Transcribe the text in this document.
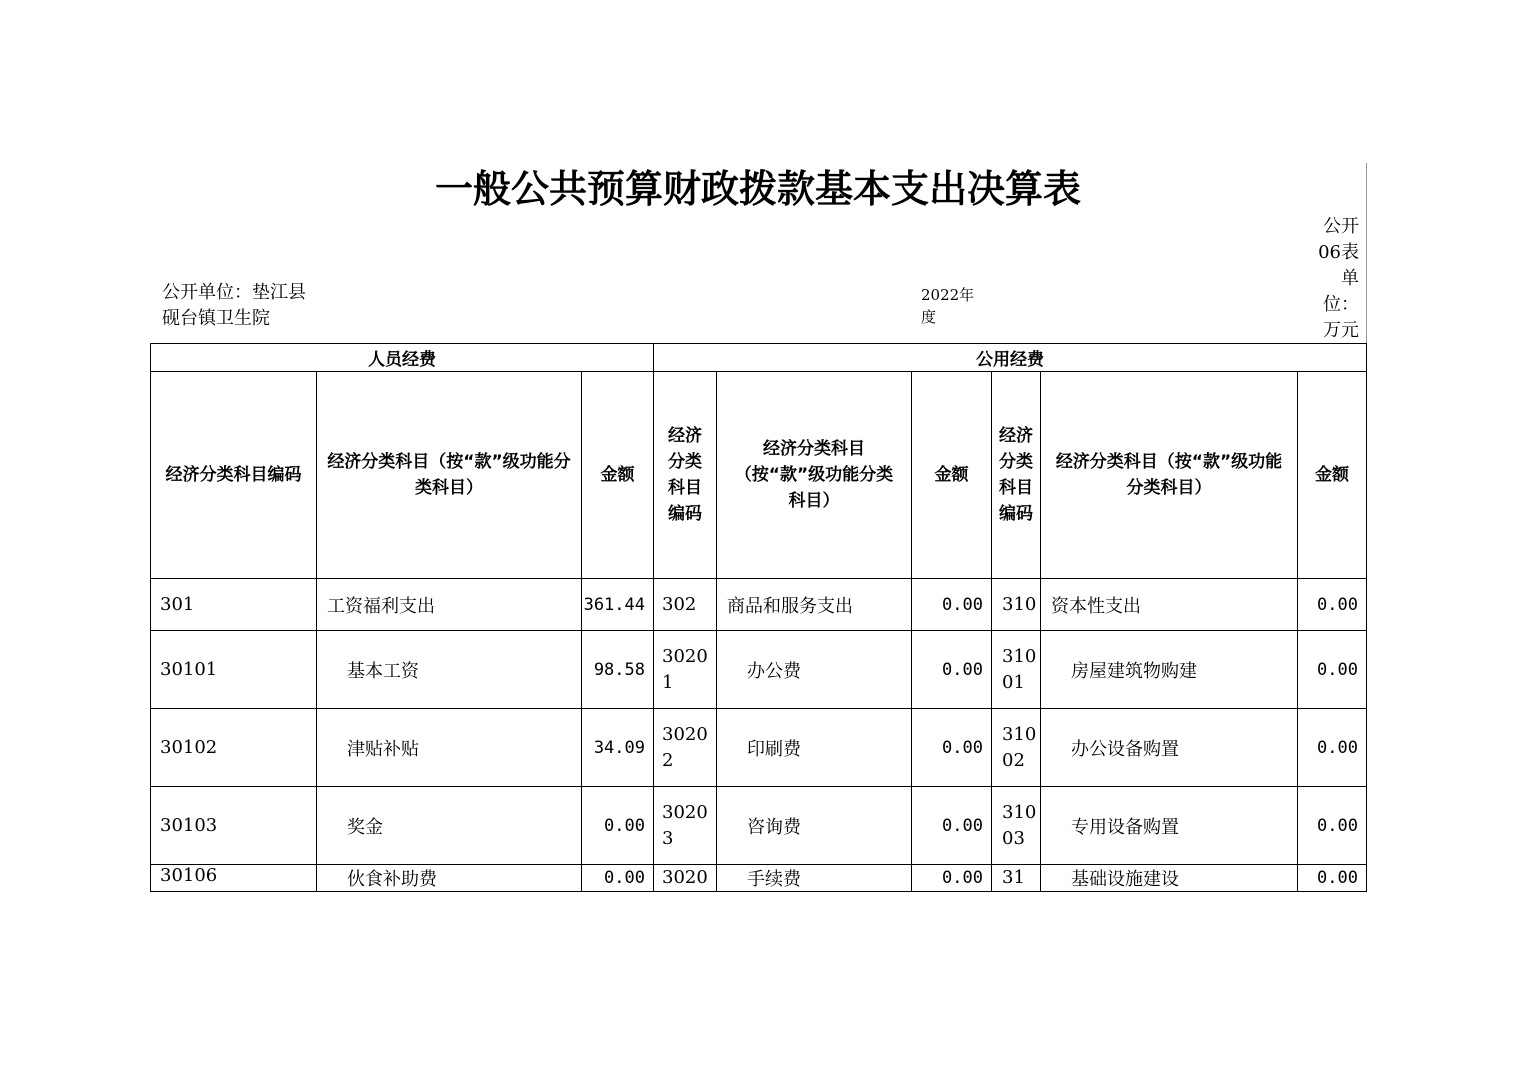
一般公共预算财政拨款基本支出决算表
公开06表
单位：万元
公开单位：垫江县砚台镇卫生院
2022年度
人员经费			公用经费					
经济分类科目编码	经济分类科目（按“款”级功能分类科目）	金额	经济分类科目编码	经济分类科目（按“款”级功能分类科目）	金额	经济分类科目编码	经济分类科目（按“款”级功能分类科目）	金额
301	工资福利支出	361.44	302	商品和服务支出	0.00	310	资本性支出	0.00
30101	基本工资	98.58	30201	办公费	0.00	31001	房屋建筑物购建	0.00
30102	津贴补贴	34.09	30202	印刷费	0.00	31002	办公设备购置	0.00
30103	奖金	0.00	30203	咨询费	0.00	31003	专用设备购置	0.00
30106	伙食补助费	0.00	3020	手续费	0.00	31	基础设施建设	0.00
